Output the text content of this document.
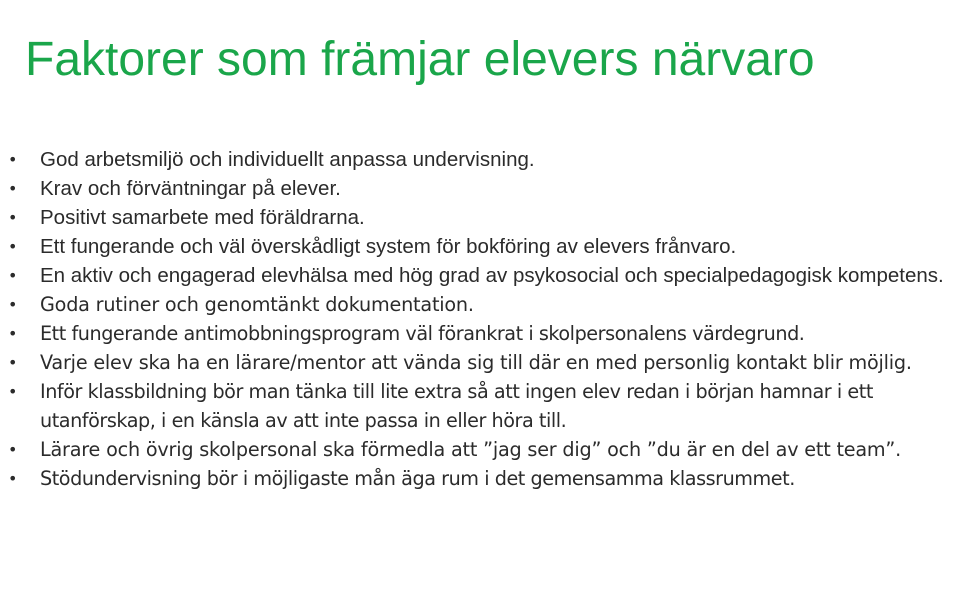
Faktorer som främjar elevers närvaro
• God arbetsmiljö och individuellt anpassa undervisning.
• Krav och förväntningar på elever.
• Positivt samarbete med föräldrarna.
• Ett fungerande och väl överskådligt system för bokföring av elevers frånvaro.
• En aktiv och engagerad elevhälsa med hög grad av psykosocial och specialpedagogisk kompetens.
• Goda rutiner och genomtänkt dokumentation.
• Ett fungerande antimobbningsprogram väl förankrat i skolpersonalens värdegrund.
• Varje elev ska ha en lärare/mentor att vända sig till där en med personlig kontakt blir möjlig.
• Inför klassbildning bör man tänka till lite extra så att ingen elev redan i början hamnar i ett utanförskap, i en känsla av att inte passa in eller höra till.
• Lärare och övrig skolpersonal ska förmedla att ”jag ser dig” och ”du är en del av ett team”.
• Stödundervisning bör i möjligaste mån äga rum i det gemensamma klassrummet.
